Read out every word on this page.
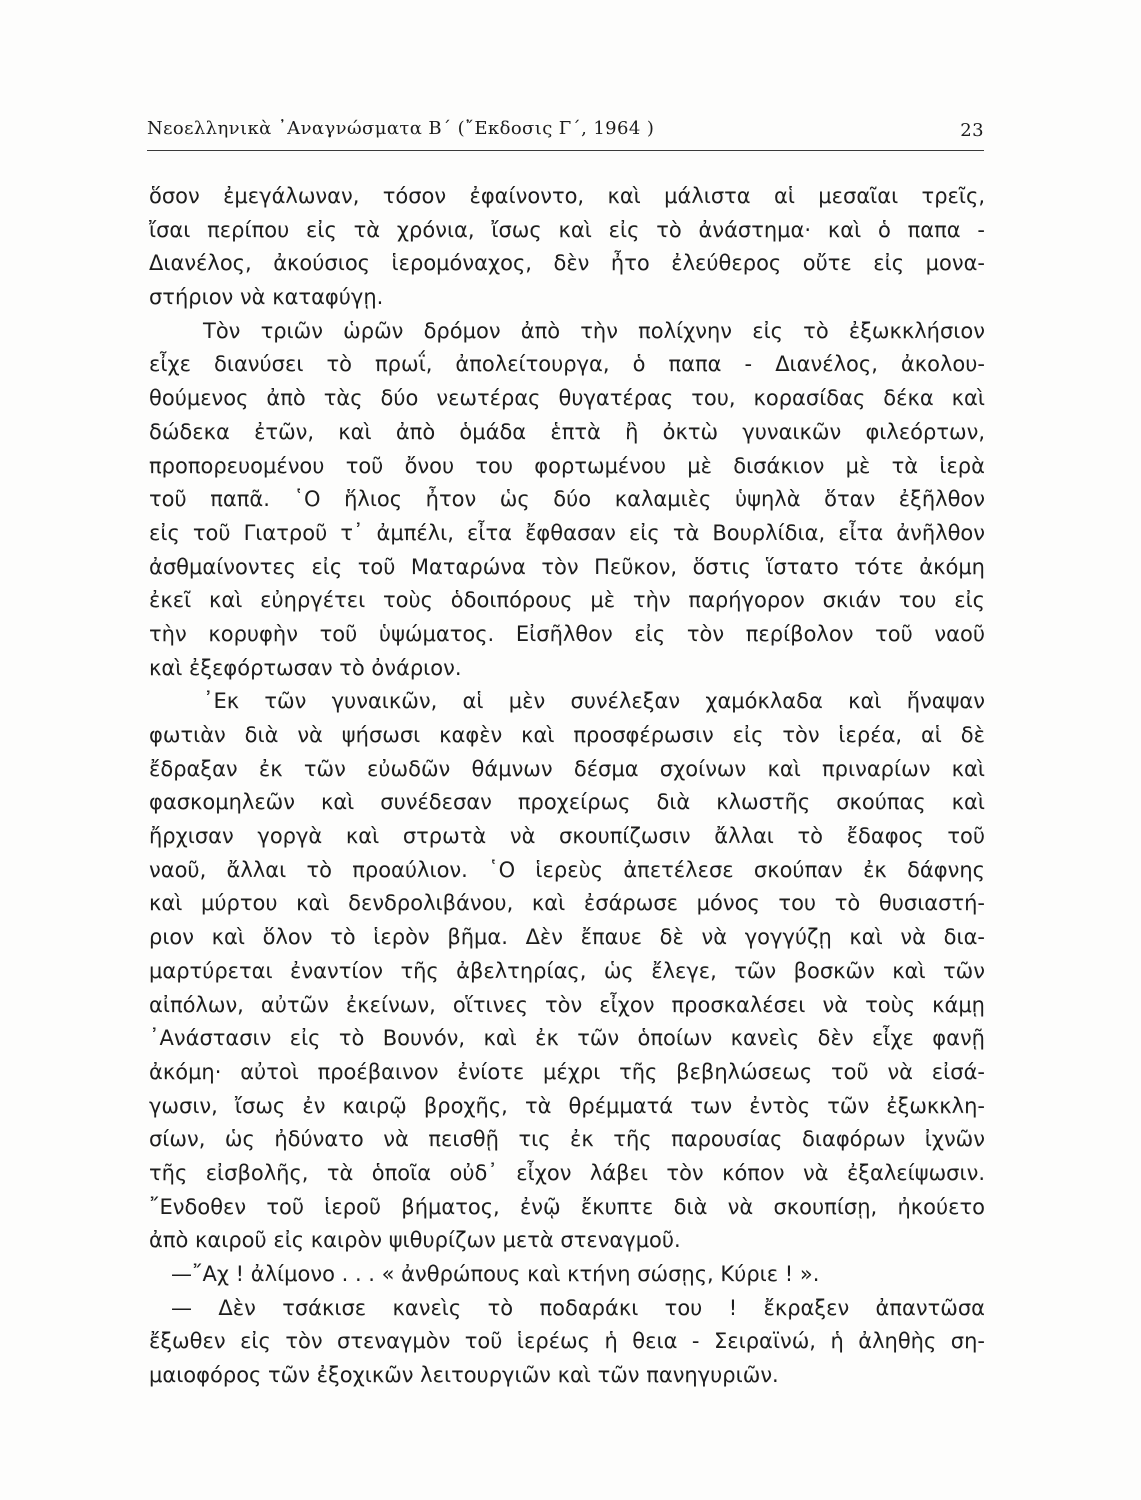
Νεοελληνικὰ ᾿Αναγνώσματα Β΄ (῎Εκδοσις Γ΄, 1964 )	23
ὅσον ἐμεγάλωναν, τόσον ἐφαίνοντο, καὶ μάλιστα αἱ μεσαῖαι τρεῖς,
ἴσαι περίπου εἰς τὰ χρόνια, ἴσως καὶ εἰς τὸ ἀνάστημα· καὶ ὁ παπα -
Διανέλος, ἀκούσιος ἱερομόναχος, δὲν ἦτο ἐλεύθερος οὔτε εἰς μονα-
στήριον νὰ καταφύγῃ.
Τὸν τριῶν ὡρῶν δρόμον ἀπὸ τὴν πολίχνην εἰς τὸ ἐξωκκλήσιον
εἶχε διανύσει τὸ πρωΐ, ἀπολείτουργα, ὁ παπα - Διανέλος, ἀκολου-
θούμενος ἀπὸ τὰς δύο νεωτέρας θυγατέρας του, κορασίδας δέκα καὶ
δώδεκα ἐτῶν, καὶ ἀπὸ ὁμάδα ἑπτὰ ἢ ὀκτὼ γυναικῶν φιλεόρτων,
προπορευομένου τοῦ ὄνου του φορτωμένου μὲ δισάκιον μὲ τὰ ἱερὰ
τοῦ παπᾶ. ῾Ο ἥλιος ἦτον ὡς δύο καλαμιὲς ὑψηλὰ ὅταν ἐξῆλθον
εἰς τοῦ Γιατροῦ τ᾽ ἀμπέλι, εἶτα ἔφθασαν εἰς τὰ Βουρλίδια, εἶτα ἀνῆλθον
ἀσθμαίνοντες εἰς τοῦ Ματαρώνα τὸν Πεῦκον, ὅστις ἵστατο τότε ἀκόμη
ἐκεῖ καὶ εὐηργέτει τοὺς ὁδοιπόρους μὲ τὴν παρήγορον σκιάν του εἰς
τὴν κορυφὴν τοῦ ὑψώματος. Εἰσῆλθον εἰς τὸν περίβολον τοῦ ναοῦ
καὶ ἐξεφόρτωσαν τὸ ὀνάριον.
᾿Εκ τῶν γυναικῶν, αἱ μὲν συνέλεξαν χαμόκλαδα καὶ ἥναψαν
φωτιὰν διὰ νὰ ψήσωσι καφὲν καὶ προσφέρωσιν εἰς τὸν ἱερέα, αἱ δὲ
ἔδραξαν ἐκ τῶν εὐωδῶν θάμνων δέσμα σχοίνων καὶ πριναρίων καὶ
φασκομηλεῶν καὶ συνέδεσαν προχείρως διὰ κλωστῆς σκούπας καὶ
ἤρχισαν γοργὰ καὶ στρωτὰ νὰ σκουπίζωσιν ἄλλαι τὸ ἔδαφος τοῦ
ναοῦ, ἄλλαι τὸ προαύλιον. ῾Ο ἱερεὺς ἀπετέλεσε σκούπαν ἐκ δάφνης
καὶ μύρτου καὶ δενδρολιβάνου, καὶ ἐσάρωσε μόνος του τὸ θυσιαστή-
ριον καὶ ὅλον τὸ ἱερὸν βῆμα. Δὲν ἔπαυε δὲ νὰ γογγύζῃ καὶ νὰ δια-
μαρτύρεται ἐναντίον τῆς ἀβελτηρίας, ὡς ἔλεγε, τῶν βοσκῶν καὶ τῶν
αἰπόλων, αὐτῶν ἐκείνων, οἵτινες τὸν εἶχον προσκαλέσει νὰ τοὺς κάμῃ
᾿Ανάστασιν εἰς τὸ Βουνόν, καὶ ἐκ τῶν ὁποίων κανεὶς δὲν εἶχε φανῇ
ἀκόμη· αὐτοὶ προέβαινον ἐνίοτε μέχρι τῆς βεβηλώσεως τοῦ νὰ εἰσά-
γωσιν, ἴσως ἐν καιρῷ βροχῆς, τὰ θρέμματά των ἐντὸς τῶν ἐξωκκλη-
σίων, ὡς ἠδύνατο νὰ πεισθῇ τις ἐκ τῆς παρουσίας διαφόρων ἰχνῶν
τῆς εἰσβολῆς, τὰ ὁποῖα οὐδ᾽ εἶχον λάβει τὸν κόπον νὰ ἐξαλείψωσιν.
῎Ενδοθεν τοῦ ἱεροῦ βήματος, ἐνῷ ἔκυπτε διὰ νὰ σκουπίσῃ, ἠκούετο
ἀπὸ καιροῦ εἰς καιρὸν ψιθυρίζων μετὰ στεναγμοῦ.
—῎Αχ ! ἀλίμονο . . . « ἀνθρώπους καὶ κτήνη σώσῃς, Κύριε ! ».
— Δὲν τσάκισε κανεὶς τὸ ποδαράκι του ! ἔκραξεν ἀπαντῶσα
ἔξωθεν εἰς τὸν στεναγμὸν τοῦ ἱερέως ἡ θεια - Σειραϊνώ, ἡ ἀληθὴς ση-
μαιοφόρος τῶν ἐξοχικῶν λειτουργιῶν καὶ τῶν πανηγυριῶν.
